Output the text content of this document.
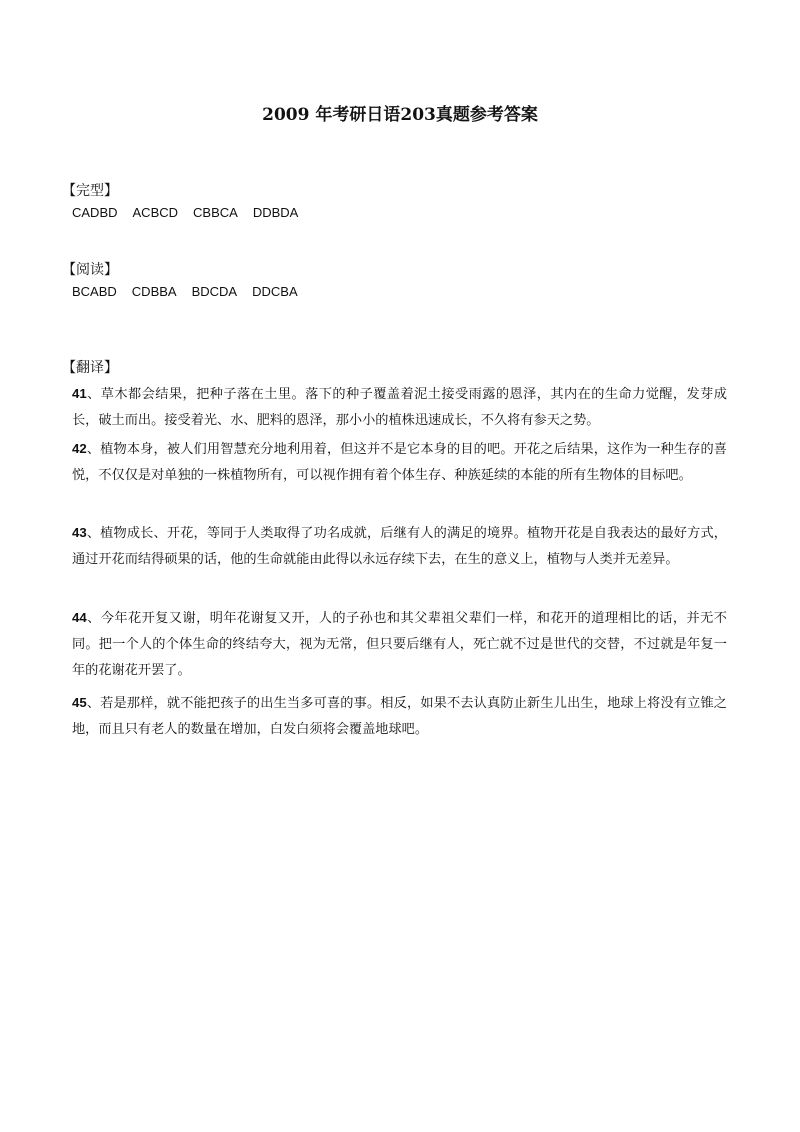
2009 年考研日语203真题参考答案
【完型】
CADBD ACBCD CBBCA DDBDA
【阅读】
BCABD CDBBA BDCDA DDCBA
【翻译】

41、草木都会结果，把种子落在土里。落下的种子覆盖着泥土接受雨露的恩泽，其内在的生命力觉醒，发芽成长，破土而出。接受着光、水、肥料的恩泽，那小小的植株迅速成长，不久将有参天之势。

42、植物本身，被人们用智慧充分地利用着，但这并不是它本身的目的吧。开花之后结果，这作为一种生存的喜悦，不仅仅是对单独的一株植物所有，可以视作拥有着个体生存、种族延续的本能的所有生物体的目标吧。

43、植物成长、开花，等同于人类取得了功名成就，后继有人的满足的境界。植物开花是自我表达的最好方式，通过开花而结得硕果的话，他的生命就能由此得以永远存续下去，在生的意义上，植物与人类并无差异。

44、今年花开复又谢，明年花谢复又开，人的子孙也和其父辈祖父辈们一样，和花开的道理相比的话，并无不同。把一个人的个体生命的终结夸大，视为无常，但只要后继有人，死亡就不过是世代的交替，不过就是年复一年的花谢花开罢了。

45、若是那样，就不能把孩子的出生当多可喜的事。相反，如果不去认真防止新生儿出生，地球上将没有立锥之地，而且只有老人的数量在增加，白发白须将会覆盖地球吧。
